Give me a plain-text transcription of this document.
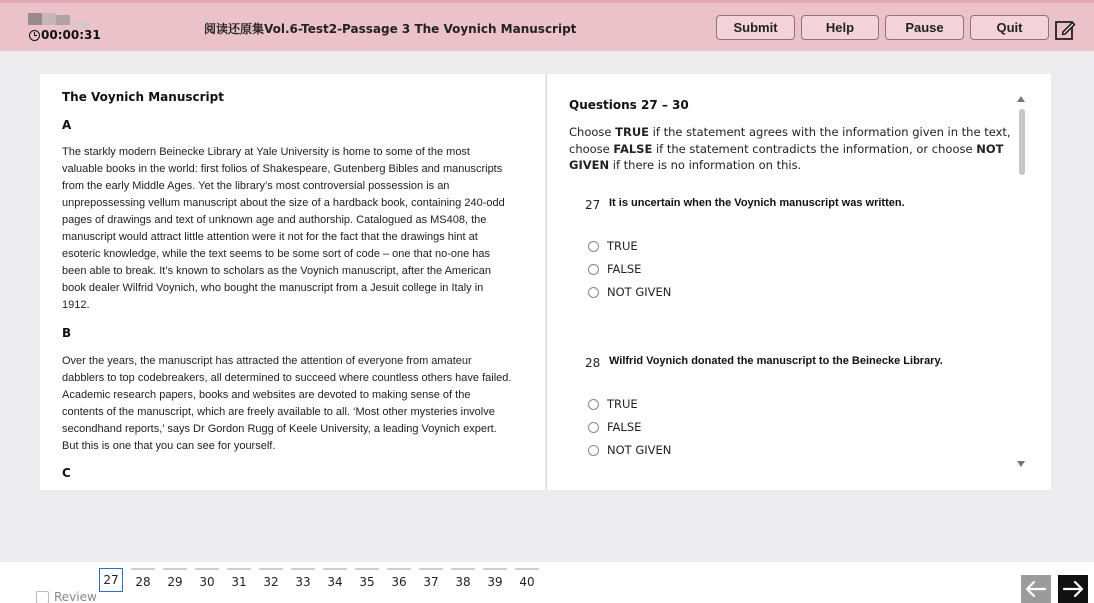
00:00:31	阅读还原集Vol.6-Test2-Passage 3 The Voynich Manuscript	Submit	Help	Pause	Quit
The Voynich Manuscript
A
The starkly modern Beinecke Library at Yale University is home to some of the most valuable books in the world: first folios of Shakespeare, Gutenberg Bibles and manuscripts from the early Middle Ages. Yet the library’s most controversial possession is an unprepossessing vellum manuscript about the size of a hardback book, containing 240-odd pages of drawings and text of unknown age and authorship. Catalogued as MS408, the manuscript would attract little attention were it not for the fact that the drawings hint at esoteric knowledge, while the text seems to be some sort of code – one that no-one has been able to break. It’s known to scholars as the Voynich manuscript, after the American book dealer Wilfrid Voynich, who bought the manuscript from a Jesuit college in Italy in 1912.
B
Over the years, the manuscript has attracted the attention of everyone from amateur dabblers to top codebreakers, all determined to succeed where countless others have failed. Academic research papers, books and websites are devoted to making sense of the contents of the manuscript, which are freely available to all. ‘Most other mysteries involve secondhand reports,’ says Dr Gordon Rugg of Keele University, a leading Voynich expert. But this is one that you can see for yourself.
C
Questions 27 – 30
Choose TRUE if the statement agrees with the information given in the text, choose FALSE if the statement contradicts the information, or choose NOT GIVEN if there is no information on this.
27 It is uncertain when the Voynich manuscript was written.
TRUE
FALSE
NOT GIVEN
28 Wilfrid Voynich donated the manuscript to the Beinecke Library.
TRUE
FALSE
NOT GIVEN
Review
27	28	29	30	31	32	33	34	35	36	37	38	39	40
